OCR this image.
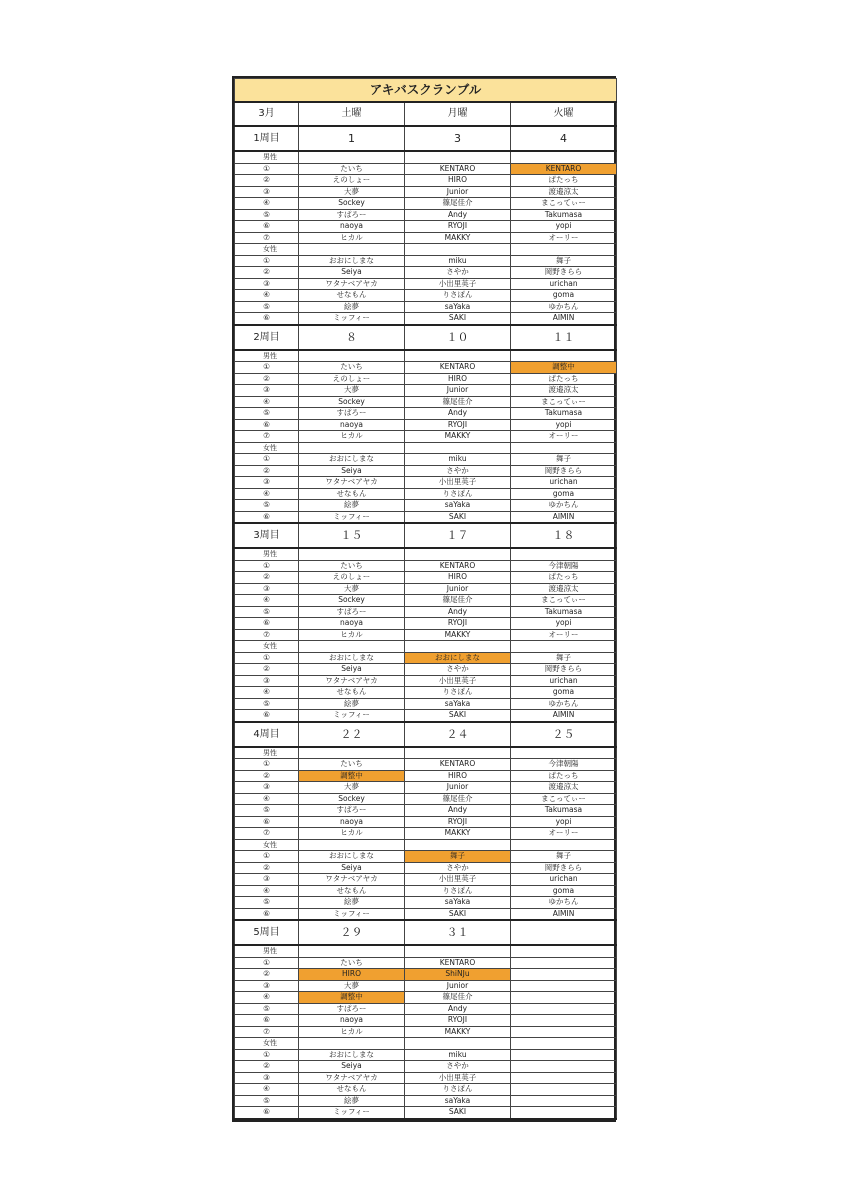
アキバスクランブル			
3月	土曜	月曜	火曜
1周目	1	3	4
男性			
①	たいち	KENTARO	KENTARO
②	えのしょー	HIRO	ぱたっち
③	大夢	Junior	渡邉涼太
④	Sockey	篠尾佳介	まこってぃー
⑤	すぱろー	Andy	Takumasa
⑥	naoya	RYOJI	yopi
⑦	ヒカル	MAKKY	オーリー
女性			
①	おおにしまな	miku	舞子
②	Seiya	さやか	岡野きらら
③	ワタナベアヤカ	小出里英子	urichan
④	せなもん	りさぽん	goma
⑤	絵夢	saYaka	ゆかちん
⑥	ミッフィー	SAKI	AIMIN
2周目	８	１０	１１
男性			
①	たいち	KENTARO	調整中
②	えのしょー	HIRO	ぱたっち
③	大夢	Junior	渡邉涼太
④	Sockey	篠尾佳介	まこってぃー
⑤	すぱろー	Andy	Takumasa
⑥	naoya	RYOJI	yopi
⑦	ヒカル	MAKKY	オーリー
女性			
①	おおにしまな	miku	舞子
②	Seiya	さやか	岡野きらら
③	ワタナベアヤカ	小出里英子	urichan
④	せなもん	りさぽん	goma
⑤	絵夢	saYaka	ゆかちん
⑥	ミッフィー	SAKI	AIMIN
3周目	１５	１７	１８
男性			
①	たいち	KENTARO	今津朝陽
②	えのしょー	HIRO	ぱたっち
③	大夢	Junior	渡邉涼太
④	Sockey	篠尾佳介	まこってぃー
⑤	すぱろー	Andy	Takumasa
⑥	naoya	RYOJI	yopi
⑦	ヒカル	MAKKY	オーリー
女性			
①	おおにしまな	おおにしまな	舞子
②	Seiya	さやか	岡野きらら
③	ワタナベアヤカ	小出里英子	urichan
④	せなもん	りさぽん	goma
⑤	絵夢	saYaka	ゆかちん
⑥	ミッフィー	SAKI	AIMIN
4周目	２２	２４	２５
男性			
①	たいち	KENTARO	今津朝陽
②	調整中	HIRO	ぱたっち
③	大夢	Junior	渡邉涼太
④	Sockey	篠尾佳介	まこってぃー
⑤	すぱろー	Andy	Takumasa
⑥	naoya	RYOJI	yopi
⑦	ヒカル	MAKKY	オーリー
女性			
①	おおにしまな	舞子	舞子
②	Seiya	さやか	岡野きらら
③	ワタナベアヤカ	小出里英子	urichan
④	せなもん	りさぽん	goma
⑤	絵夢	saYaka	ゆかちん
⑥	ミッフィー	SAKI	AIMIN
5周目	２９	３１	
男性			
①	たいち	KENTARO	
②	HIRO	ShiNJu	
③	大夢	Junior	
④	調整中	篠尾佳介	
⑤	すぱろー	Andy	
⑥	naoya	RYOJI	
⑦	ヒカル	MAKKY	
女性			
①	おおにしまな	miku	
②	Seiya	さやか	
③	ワタナベアヤカ	小出里英子	
④	せなもん	りさぽん	
⑤	絵夢	saYaka	
⑥	ミッフィー	SAKI	
